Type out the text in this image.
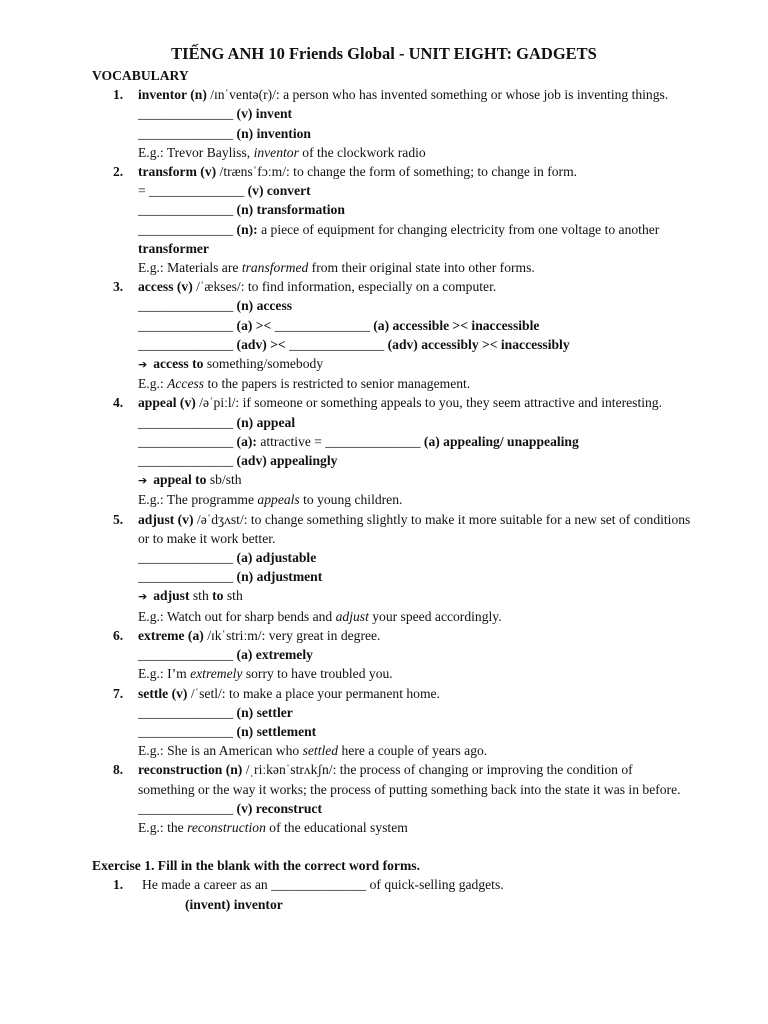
TIẾNG ANH 10 Friends Global - UNIT EIGHT: GADGETS
VOCABULARY
1. inventor (n) /ɪnˈventə(r)/: a person who has invented something or whose job is inventing things.
______________ (v) invent
______________ (n) invention
E.g.: Trevor Bayliss, inventor of the clockwork radio
2. transform (v) /trænsˈfɔːm/: to change the form of something; to change in form.
= ______________ (v) convert
______________ (n) transformation
______________ (n): a piece of equipment for changing electricity from one voltage to another transformer
E.g.: Materials are transformed from their original state into other forms.
3. access (v) /ˈækses/: to find information, especially on a computer.
______________ (n) access
______________ (a) >< ______________ (a) accessible >< inaccessible
______________ (adv) >< ______________ (adv) accessibly >< inaccessibly
➔ access to something/somebody
E.g.: Access to the papers is restricted to senior management.
4. appeal (v) /əˈpiːl/: if someone or something appeals to you, they seem attractive and interesting.
______________ (n) appeal
______________ (a): attractive = ______________ (a) appealing/ unappealing
______________ (adv) appealingly
➔ appeal to sb/sth
E.g.: The programme appeals to young children.
5. adjust (v) /əˈdʒʌst/: to change something slightly to make it more suitable for a new set of conditions or to make it work better.
______________ (a) adjustable
______________ (n) adjustment
➔ adjust sth to sth
E.g.: Watch out for sharp bends and adjust your speed accordingly.
6. extreme (a) /ɪkˈstriːm/: very great in degree.
______________ (a) extremely
E.g.: I’m extremely sorry to have troubled you.
7. settle (v) /ˈsetl/: to make a place your permanent home.
______________ (n) settler
______________ (n) settlement
E.g.: She is an American who settled here a couple of years ago.
8. reconstruction (n) /ˌriːkənˈstrʌkʃn/: the process of changing or improving the condition of something or the way it works; the process of putting something back into the state it was in before.
______________ (v) reconstruct
E.g.: the reconstruction of the educational system
Exercise 1. Fill in the blank with the correct word forms.
1. He made a career as an ______________ of quick-selling gadgets.
(invent) inventor
